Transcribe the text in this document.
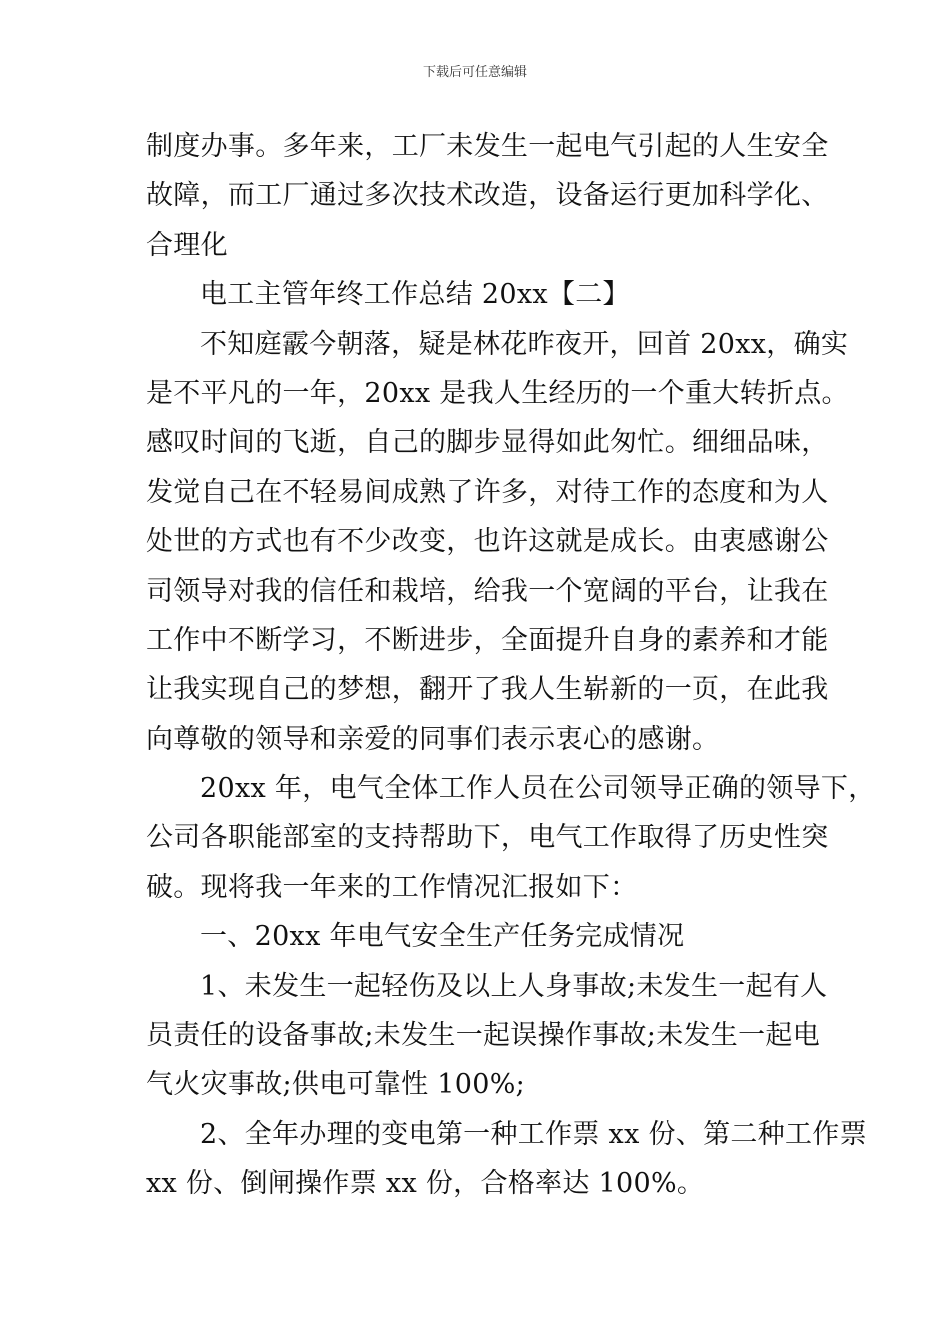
下载后可任意编辑
制度办事。多年来，工厂未发生一起电气引起的人生安全
故障，而工厂通过多次技术改造，设备运行更加科学化、
合理化
电工主管年终工作总结 20xx【二】
不知庭霰今朝落，疑是林花昨夜开，回首 20xx，确实
是不平凡的一年，20xx 是我人生经历的一个重大转折点。
感叹时间的飞逝，自己的脚步显得如此匆忙。细细品味，
发觉自己在不轻易间成熟了许多，对待工作的态度和为人
处世的方式也有不少改变，也许这就是成长。由衷感谢公
司领导对我的信任和栽培，给我一个宽阔的平台，让我在
工作中不断学习，不断进步，全面提升自身的素养和才能
让我实现自己的梦想，翻开了我人生崭新的一页，在此我
向尊敬的领导和亲爱的同事们表示衷心的感谢。
20xx 年，电气全体工作人员在公司领导正确的领导下，
公司各职能部室的支持帮助下，电气工作取得了历史性突
破。现将我一年来的工作情况汇报如下：
一、20xx 年电气安全生产任务完成情况
1、未发生一起轻伤及以上人身事故;未发生一起有人
员责任的设备事故;未发生一起误操作事故;未发生一起电
气火灾事故;供电可靠性 100%;
2、全年办理的变电第一种工作票 xx 份、第二种工作票
xx 份、倒闸操作票 xx 份，合格率达 100%。
